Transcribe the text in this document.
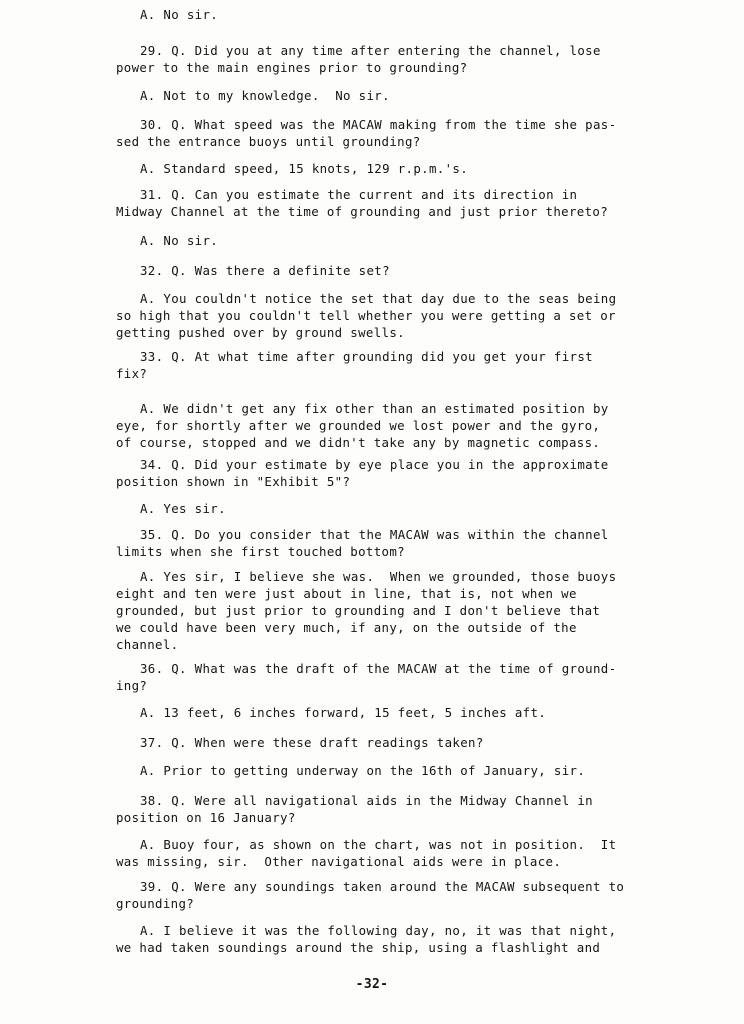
A. No sir.

29. Q. Did you at any time after entering the channel, lose
power to the main engines prior to grounding?

A. Not to my knowledge.  No sir.

30. Q. What speed was the MACAW making from the time she pas-
sed the entrance buoys until grounding?

A. Standard speed, 15 knots, 129 r.p.m.'s.

31. Q. Can you estimate the current and its direction in
Midway Channel at the time of grounding and just prior thereto?

A. No sir.

32. Q. Was there a definite set?

A. You couldn't notice the set that day due to the seas being
so high that you couldn't tell whether you were getting a set or
getting pushed over by ground swells.

33. Q. At what time after grounding did you get your first
fix?

A. We didn't get any fix other than an estimated position by
eye, for shortly after we grounded we lost power and the gyro,
of course, stopped and we didn't take any by magnetic compass.

34. Q. Did your estimate by eye place you in the approximate
position shown in "Exhibit 5"?

A. Yes sir.

35. Q. Do you consider that the MACAW was within the channel
limits when she first touched bottom?

A. Yes sir, I believe she was.  When we grounded, those buoys
eight and ten were just about in line, that is, not when we
grounded, but just prior to grounding and I don't believe that
we could have been very much, if any, on the outside of the
channel.

36. Q. What was the draft of the MACAW at the time of ground-
ing?

A. 13 feet, 6 inches forward, 15 feet, 5 inches aft.

37. Q. When were these draft readings taken?

A. Prior to getting underway on the 16th of January, sir.

38. Q. Were all navigational aids in the Midway Channel in
position on 16 January?

A. Buoy four, as shown on the chart, was not in position.  It
was missing, sir.  Other navigational aids were in place.

39. Q. Were any soundings taken around the MACAW subsequent to
grounding?

A. I believe it was the following day, no, it was that night,
we had taken soundings around the ship, using a flashlight and

-32-
